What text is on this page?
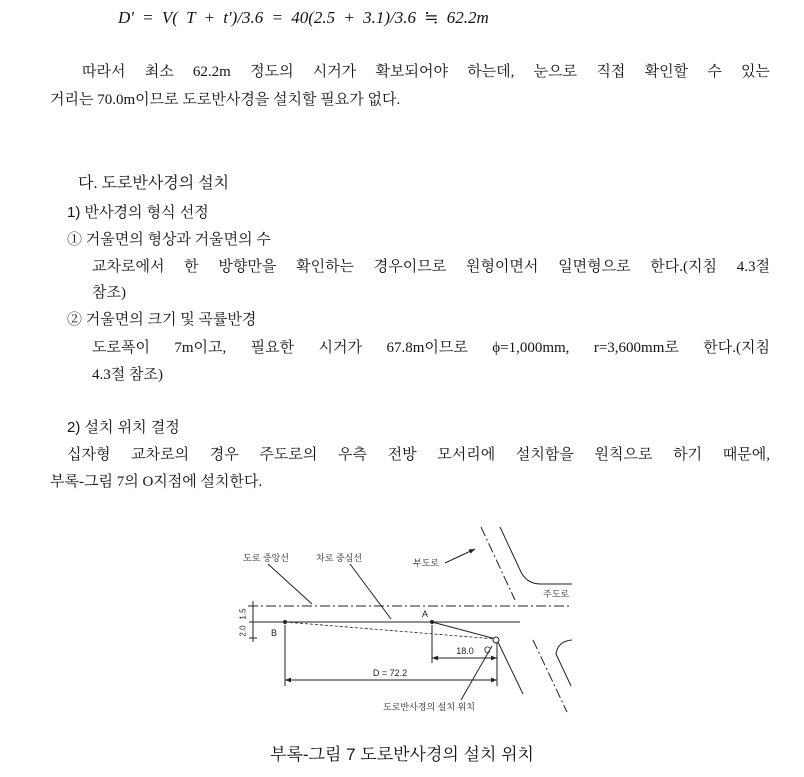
D' = V( T + t')/3.6 = 40(2.5 + 3.1)/3.6 ≒ 62.2m
따라서 최소 62.2m 정도의 시거가 확보되어야 하는데, 눈으로 직접 확인할 수 있는
거리는 70.0m이므로 도로반사경을 설치할 필요가 없다.
다. 도로반사경의 설치
1) 반사경의 형식 선정
① 거울면의 형상과 거울면의 수
교차로에서 한 방향만을 확인하는 경우이므로 원형이면서 일면형으로 한다.(지침 4.3절
참조)
② 거울면의 크기 및 곡률반경
도로폭이 7m이고, 필요한 시거가 67.8m이므로 ϕ=1,000mm, r=3,600mm로 한다.(지침
4.3절 참조)
2) 설치 위치 결정
십자형 교차로의 경우 주도로의 우측 전방 모서리에 설치함을 원칙으로 하기 때문에,
부록-그림 7의 O지점에 설치한다.
도로 중앙선	차로 중심선	부도로
주도로
A
B
C
1.5
2.0
18.0
D = 72.2
도로반사경의 설치 위치
부록-그림 7 도로반사경의 설치 위치
